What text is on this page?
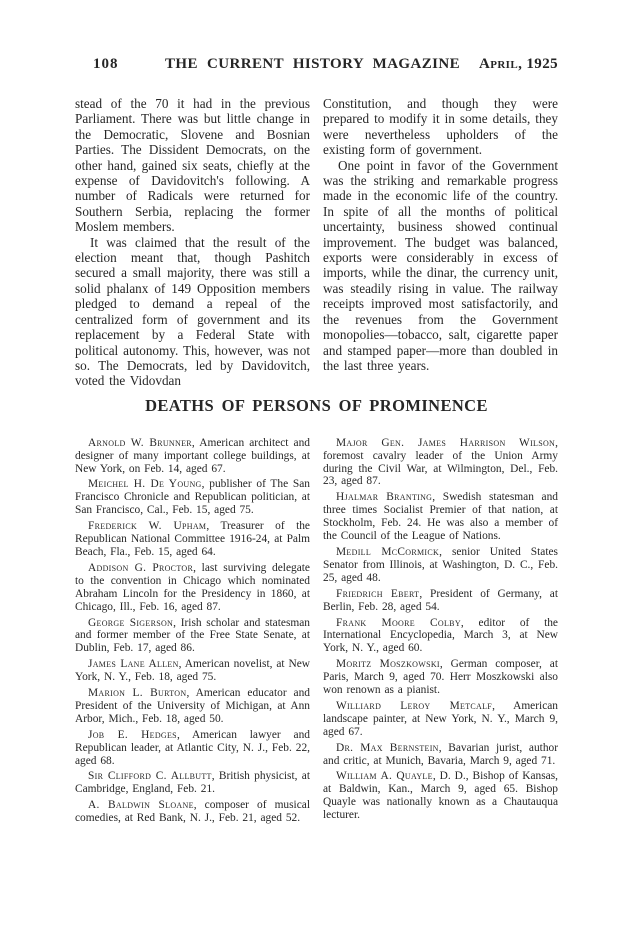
108	THE CURRENT HISTORY MAGAZINE	April, 1925

stead of the 70 it had in the previous Parliament. There was but little change in the Democratic, Slovene and Bosnian Parties. The Dissident Democrats, on the other hand, gained six seats, chiefly at the expense of Davidovitch's following. A number of Radicals were returned for Southern Serbia, replacing the former Moslem members.

It was claimed that the result of the election meant that, though Pashitch secured a small majority, there was still a solid phalanx of 149 Opposition members pledged to demand a repeal of the centralized form of government and its replacement by a Federal State with political autonomy. This, however, was not so. The Democrats, led by Davidovitch, voted the Vidovdan

Constitution, and though they were prepared to modify it in some details, they were nevertheless upholders of the existing form of government.

One point in favor of the Government was the striking and remarkable progress made in the economic life of the country. In spite of all the months of political uncertainty, business showed continual improvement. The budget was balanced, exports were considerably in excess of imports, while the dinar, the currency unit, was steadily rising in value. The railway receipts improved most satisfactorily, and the revenues from the Government monopolies—tobacco, salt, cigarette paper and stamped paper—more than doubled in the last three years.

DEATHS OF PERSONS OF PROMINENCE

Arnold W. Brunner, American architect and designer of many important college buildings, at New York, on Feb. 14, aged 67.

Meichel H. De Young, publisher of The San Francisco Chronicle and Republican politician, at San Francisco, Cal., Feb. 15, aged 75.

Frederick W. Upham, Treasurer of the Republican National Committee 1916-24, at Palm Beach, Fla., Feb. 15, aged 64.

Addison G. Proctor, last surviving delegate to the convention in Chicago which nominated Abraham Lincoln for the Presidency in 1860, at Chicago, Ill., Feb. 16, aged 87.

George Sigerson, Irish scholar and statesman and former member of the Free State Senate, at Dublin, Feb. 17, aged 86.

James Lane Allen, American novelist, at New York, N. Y., Feb. 18, aged 75.

Marion L. Burton, American educator and President of the University of Michigan, at Ann Arbor, Mich., Feb. 18, aged 50.

Job E. Hedges, American lawyer and Republican leader, at Atlantic City, N. J., Feb. 22, aged 68.

Sir Clifford C. Allbutt, British physicist, at Cambridge, England, Feb. 21.

A. Baldwin Sloane, composer of musical comedies, at Red Bank, N. J., Feb. 21, aged 52.

Major Gen. James Harrison Wilson, foremost cavalry leader of the Union Army during the Civil War, at Wilmington, Del., Feb. 23, aged 87.

Hjalmar Branting, Swedish statesman and three times Socialist Premier of that nation, at Stockholm, Feb. 24. He was also a member of the Council of the League of Nations.

Medill McCormick, senior United States Senator from Illinois, at Washington, D. C., Feb. 25, aged 48.

Friedrich Ebert, President of Germany, at Berlin, Feb. 28, aged 54.

Frank Moore Colby, editor of the International Encyclopedia, March 3, at New York, N. Y., aged 60.

Moritz Moszkowski, German composer, at Paris, March 9, aged 70. Herr Moszkowski also won renown as a pianist.

Williard Leroy Metcalf, American landscape painter, at New York, N. Y., March 9, aged 67.

Dr. Max Bernstein, Bavarian jurist, author and critic, at Munich, Bavaria, March 9, aged 71.

William A. Quayle, D. D., Bishop of Kansas, at Baldwin, Kan., March 9, aged 65. Bishop Quayle was nationally known as a Chautauqua lecturer.
